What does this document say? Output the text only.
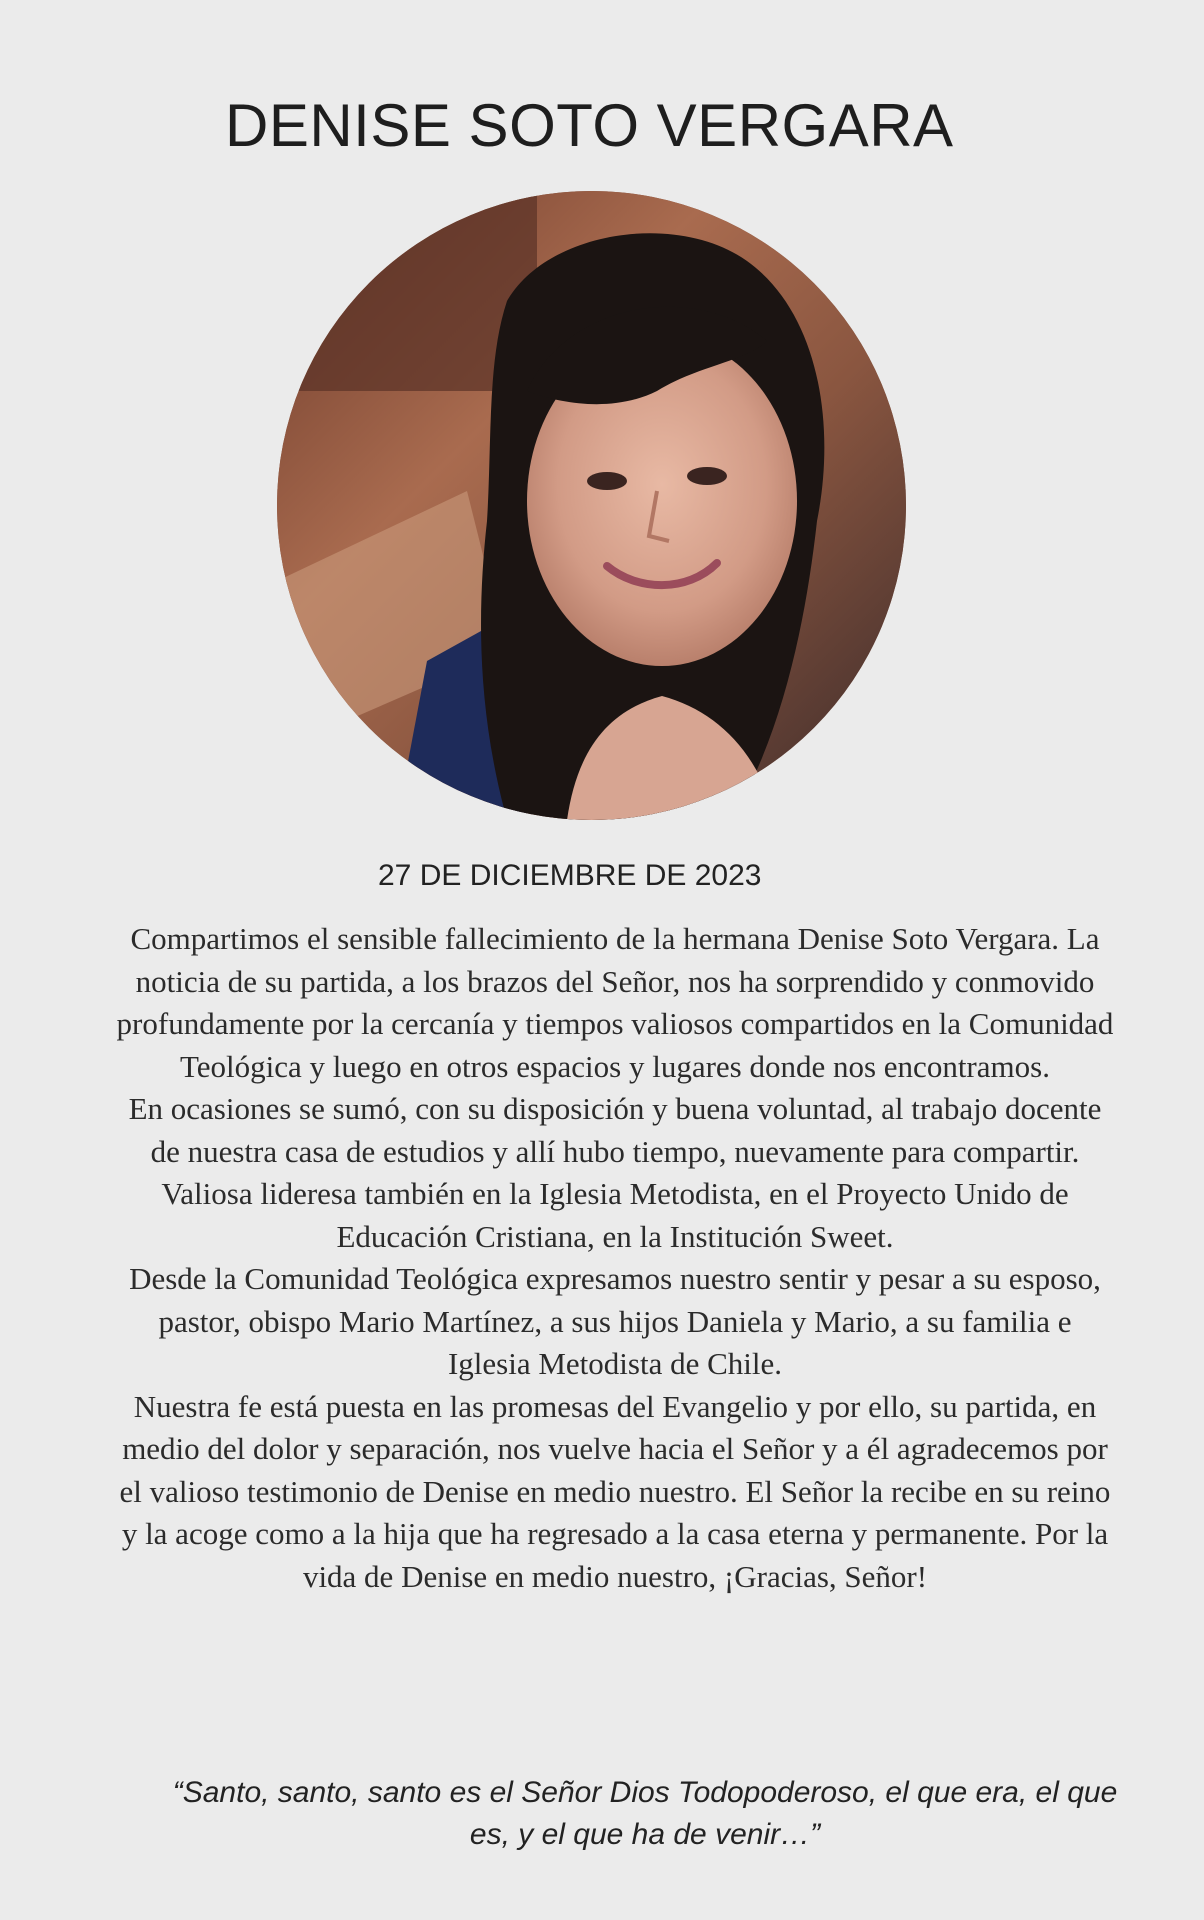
DENISE SOTO VERGARA
27 DE DICIEMBRE DE 2023

Compartimos el sensible fallecimiento de la hermana Denise Soto Vergara. La noticia de su partida, a los brazos del Señor, nos ha sorprendido y conmovido profundamente por la cercanía y tiempos valiosos compartidos en la Comunidad Teológica y luego en otros espacios y lugares donde nos encontramos.

En ocasiones se sumó, con su disposición y buena voluntad, al trabajo docente de nuestra casa de estudios y allí hubo tiempo, nuevamente para compartir.

Valiosa lideresa también en la Iglesia Metodista, en el Proyecto Unido de Educación Cristiana, en la Institución Sweet.

Desde la Comunidad Teológica expresamos nuestro sentir y pesar a su esposo, pastor, obispo Mario Martínez, a sus hijos Daniela y Mario, a su familia e Iglesia Metodista de Chile.

Nuestra fe está puesta en las promesas del Evangelio y por ello, su partida, en medio del dolor y separación, nos vuelve hacia el Señor y a él agradecemos por el valioso testimonio de Denise en medio nuestro. El Señor la recibe en su reino y la acoge como a la hija que ha regresado a la casa eterna y permanente. Por la vida de Denise en medio nuestro, ¡Gracias, Señor!

“Santo, santo, santo es el Señor Dios Todopoderoso, el que era, el que es, y el que ha de venir…”
